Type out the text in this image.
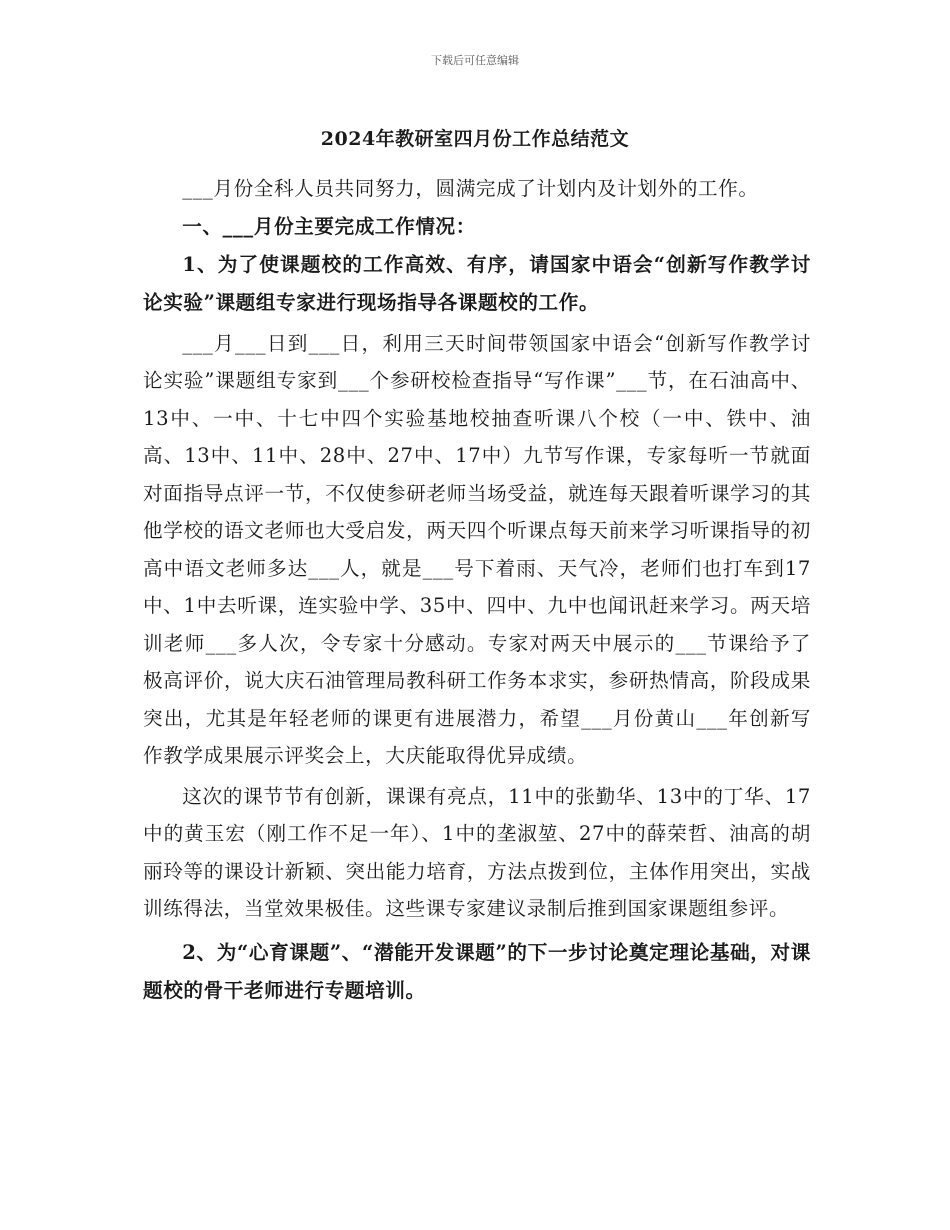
下载后可任意编辑
2024年教研室四月份工作总结范文

___月份全科人员共同努力，圆满完成了计划内及计划外的工作。

一、___月份主要完成工作情况：

1、为了使课题校的工作高效、有序，请国家中语会“创新写作教学讨论实验”课题组专家进行现场指导各课题校的工作。

___月___日到___日，利用三天时间带领国家中语会“创新写作教学讨论实验”课题组专家到___个参研校检查指导“写作课”___节，在石油高中、13中、一中、十七中四个实验基地校抽查听课八个校（一中、铁中、油高、13中、11中、28中、27中、17中）九节写作课，专家每听一节就面对面指导点评一节，不仅使参研老师当场受益，就连每天跟着听课学习的其他学校的语文老师也大受启发，两天四个听课点每天前来学习听课指导的初高中语文老师多达___人，就是___号下着雨、天气冷，老师们也打车到17中、1中去听课，连实验中学、35中、四中、九中也闻讯赶来学习。两天培训老师___多人次，令专家十分感动。专家对两天中展示的___节课给予了极高评价，说大庆石油管理局教科研工作务本求实，参研热情高，阶段成果突出，尤其是年轻老师的课更有进展潜力，希望___月份黄山___年创新写作教学成果展示评奖会上，大庆能取得优异成绩。

这次的课节节有创新，课课有亮点，11中的张勤华、13中的丁华、17中的黄玉宏（刚工作不足一年）、1中的垄淑堃、27中的薛荣哲、油高的胡丽玲等的课设计新颖、突出能力培育，方法点拨到位，主体作用突出，实战训练得法，当堂效果极佳。这些课专家建议录制后推到国家课题组参评。

2、为“心育课题”、“潜能开发课题”的下一步讨论奠定理论基础，对课题校的骨干老师进行专题培训。
